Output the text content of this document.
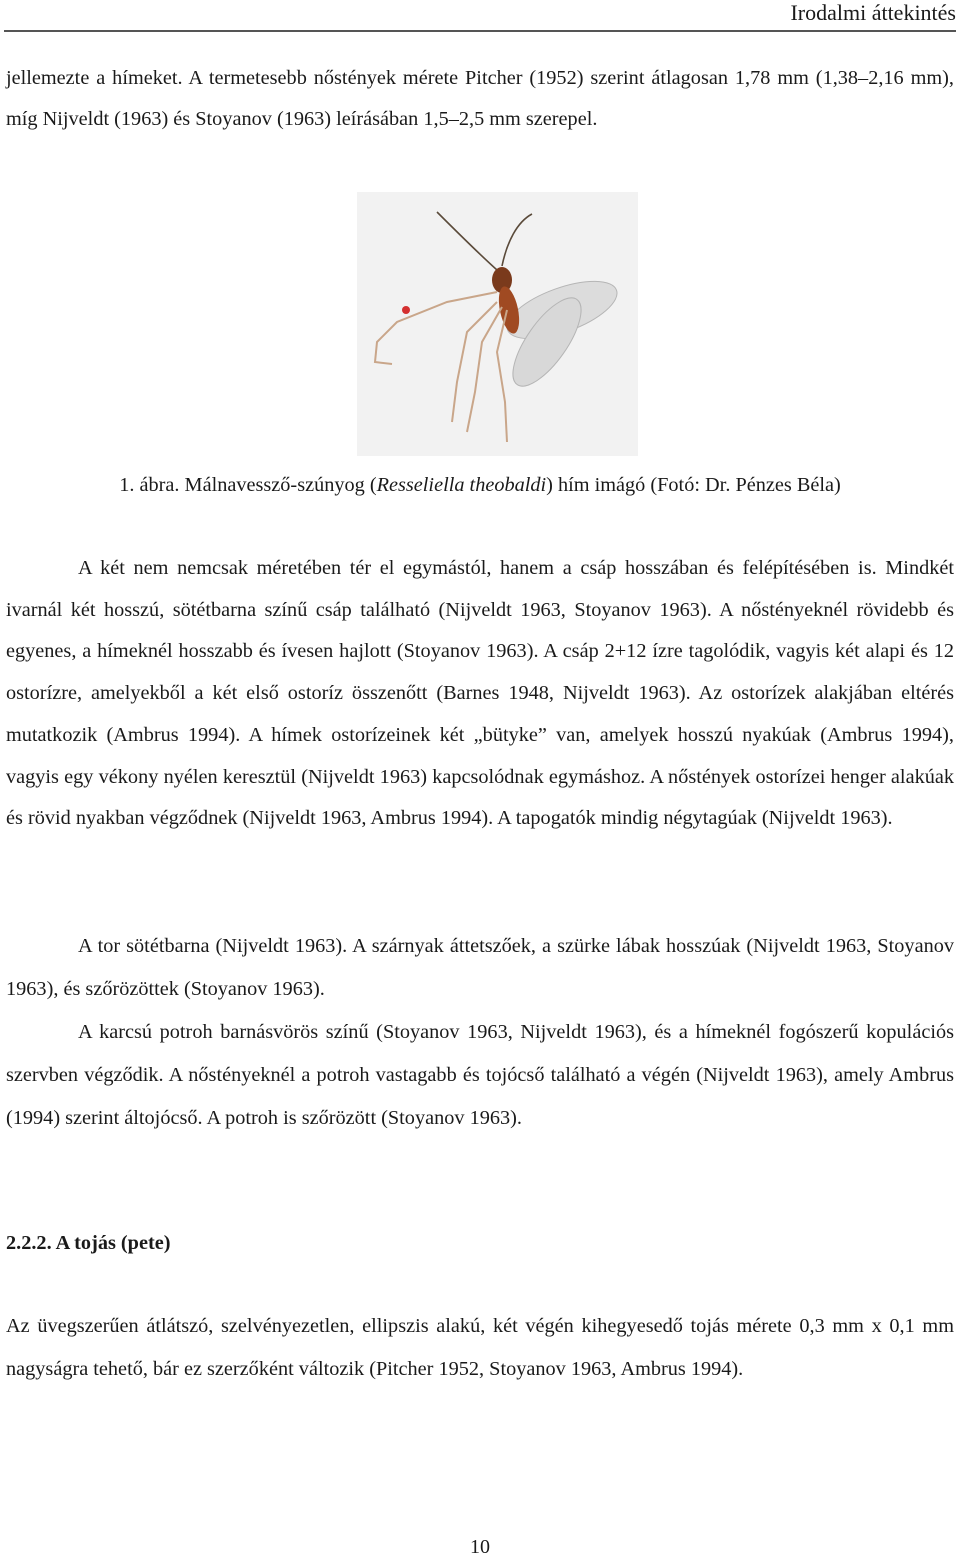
Irodalmi áttekintés

jellemezte a hímeket. A termetesebb nőstények mérete Pitcher (1952) szerint átlagosan 1,78 mm (1,38–2,16 mm), míg Nijveldt (1963) és Stoyanov (1963) leírásában 1,5–2,5 mm szerepel.

1. ábra. Málnavessző-szúnyog (Resseliella theobaldi) hím imágó (Fotó: Dr. Pénzes Béla)

A két nem nemcsak méretében tér el egymástól, hanem a csáp hosszában és felépítésében is. Mindkét ivarnál két hosszú, sötétbarna színű csáp található (Nijveldt 1963, Stoyanov 1963). A nőstényeknél rövidebb és egyenes, a hímeknél hosszabb és ívesen hajlott (Stoyanov 1963). A csáp 2+12 ízre tagolódik, vagyis két alapi és 12 ostorízre, amelyekből a két első ostoríz összenőtt (Barnes 1948, Nijveldt 1963). Az ostorízek alakjában eltérés mutatkozik (Ambrus 1994). A hímek ostorízeinek két „bütyke” van, amelyek hosszú nyakúak (Ambrus 1994), vagyis egy vékony nyélen keresztül (Nijveldt 1963) kapcsolódnak egymáshoz. A nőstények ostorízei henger alakúak és rövid nyakban végződnek (Nijveldt 1963, Ambrus 1994). A tapogatók mindig négytagúak (Nijveldt 1963).

A tor sötétbarna (Nijveldt 1963). A szárnyak áttetszőek, a szürke lábak hosszúak (Nijveldt 1963, Stoyanov 1963), és szőrözöttek (Stoyanov 1963).

A karcsú potroh barnásvörös színű (Stoyanov 1963, Nijveldt 1963), és a hímeknél fogószerű kopulációs szervben végződik. A nőstényeknél a potroh vastagabb és tojócső található a végén (Nijveldt 1963), amely Ambrus (1994) szerint áltojócső. A potroh is szőrözött (Stoyanov 1963).

2.2.2. A tojás (pete)

Az üvegszerűen átlátszó, szelvényezetlen, ellipszis alakú, két végén kihegyesedő tojás mérete 0,3 mm x 0,1 mm nagyságra tehető, bár ez szerzőként változik (Pitcher 1952, Stoyanov 1963, Ambrus 1994).

10
